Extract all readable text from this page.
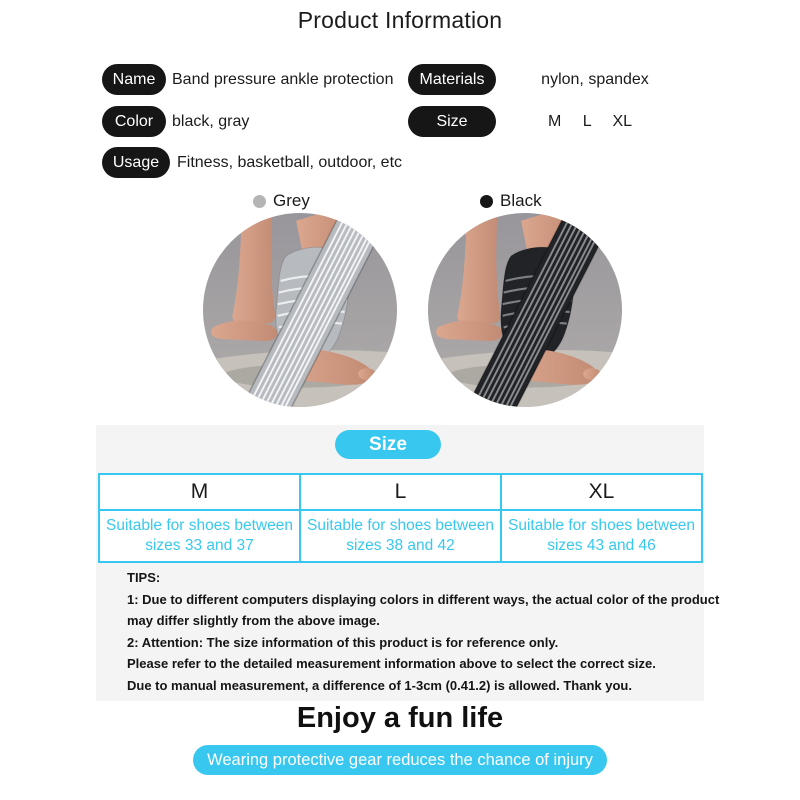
Product Information
Name	Band pressure ankle protection	Materials	nylon, spandex
Color	black, gray	Size	M L XL
Usage	Fitness, basketball, outdoor, etc
Grey	Black
Size
M	L	XL
Suitable for shoes between sizes 33 and 37	Suitable for shoes between sizes 38 and 42	Suitable for shoes between sizes 43 and 46
TIPS:
1: Due to different computers displaying colors in different ways, the actual color of the product
may differ slightly from the above image.
2: Attention: The size information of this product is for reference only.
Please refer to the detailed measurement information above to select the correct size.
Due to manual measurement, a difference of 1-3cm (0.41.2) is allowed. Thank you.
Enjoy a fun life
Wearing protective gear reduces the chance of injury
